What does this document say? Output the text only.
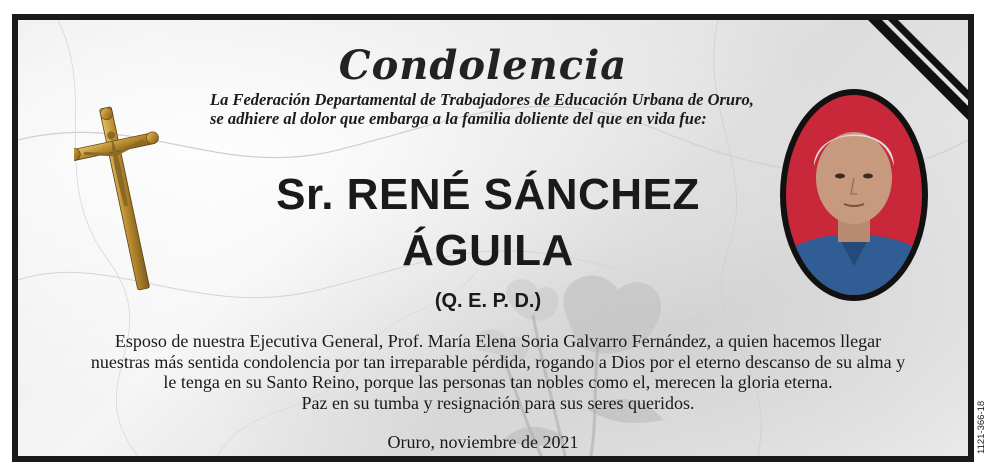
Condolencia

La Federación Departamental de Trabajadores de Educación Urbana de Oruro, se adhiere al dolor que embarga a la familia doliente del que en vida fue:

Sr. RENÉ SÁNCHEZ

ÁGUILA

(Q. E. P. D.)

Esposo de nuestra Ejecutiva General, Prof. María Elena Soria Galvarro Fernández, a quien hacemos llegar
nuestras más sentida condolencia por tan irreparable pérdida, rogando a Dios por el eterno descanso de su alma y
le tenga en su Santo Reino, porque las personas tan nobles como el, merecen la gloria eterna.
Paz en su tumba y resignación para sus seres queridos.

Oruro, noviembre de 2021	1121-366-18
